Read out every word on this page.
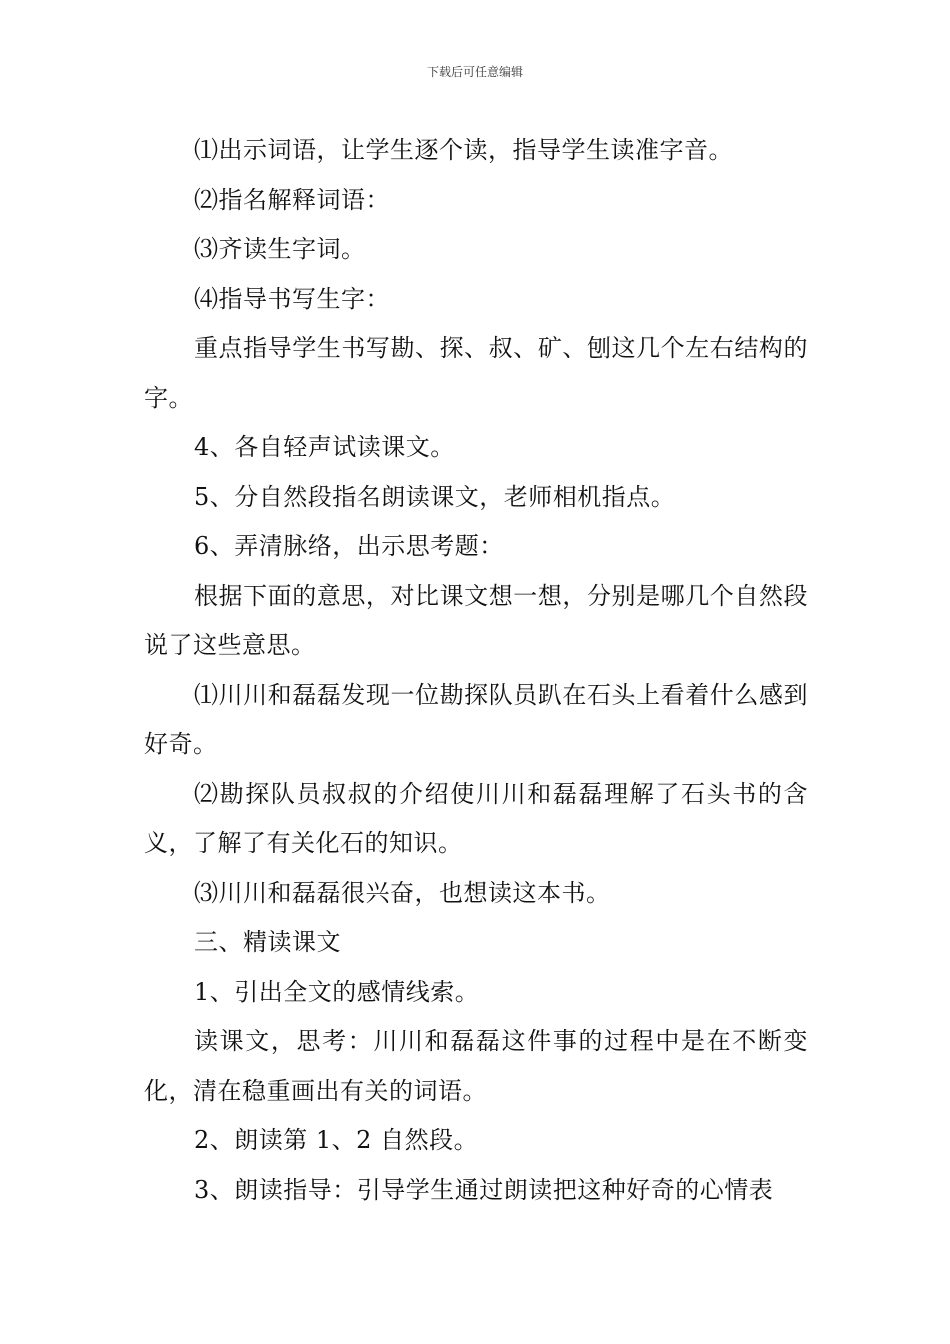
下载后可任意编辑

⑴出示词语，让学生逐个读，指导学生读准字音。

⑵指名解释词语：

⑶齐读生字词。

⑷指导书写生字：

重点指导学生书写勘、探、叔、矿、刨这几个左右结构的字。

4、各自轻声试读课文。

5、分自然段指名朗读课文，老师相机指点。

6、弄清脉络，出示思考题：

根据下面的意思，对比课文想一想，分别是哪几个自然段说了这些意思。

⑴川川和磊磊发现一位勘探队员趴在石头上看着什么感到好奇。

⑵勘探队员叔叔的介绍使川川和磊磊理解了石头书的含义，了解了有关化石的知识。

⑶川川和磊磊很兴奋，也想读这本书。

三、精读课文

1、引出全文的感情线索。

读课文，思考：川川和磊磊这件事的过程中是在不断变化，清在稳重画出有关的词语。

2、朗读第 1、2 自然段。

3、朗读指导：引导学生通过朗读把这种好奇的心情表
